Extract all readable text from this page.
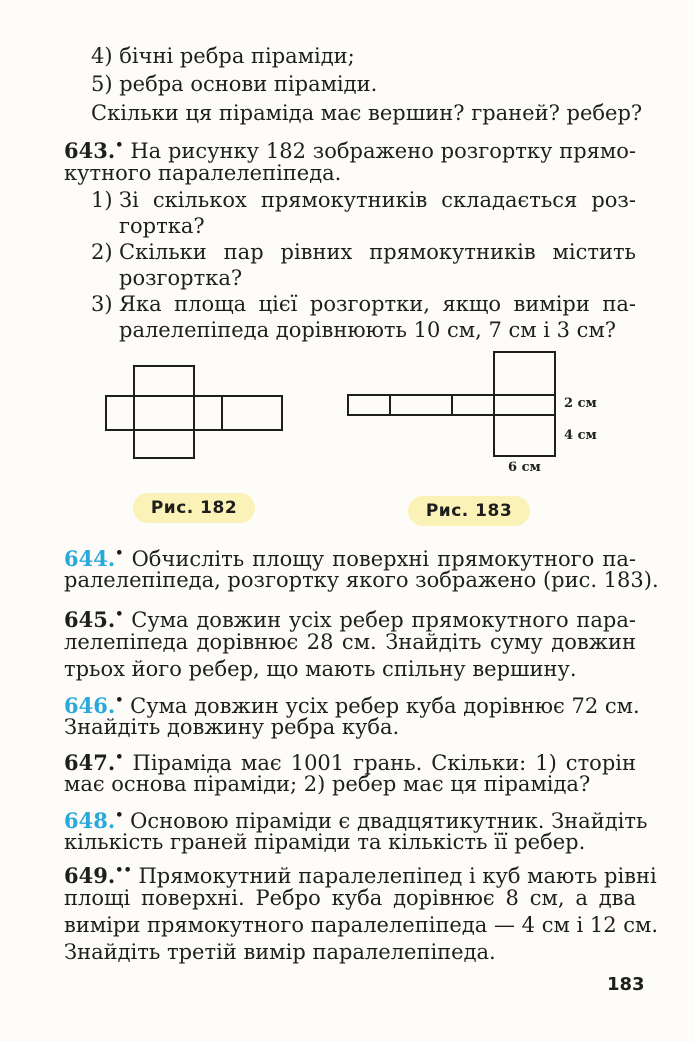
4) бічні ребра піраміди;
5) ребра основи піраміди.
Скільки ця піраміда має вершин? граней? ребер?
643.• На рисунку 182 зображено розгортку прямо-
кутного паралелепіпеда.
1) Зі скількох прямокутників складається роз-
гортка?
2) Скільки пар рівних прямокутників містить
розгортка?
3) Яка площа цієї розгортки, якщо виміри па-
ралелепіпеда дорівнюють 10 см, 7 см і 3 см?
2 см
4 см
6 см
Рис. 182	Рис. 183
644.• Обчисліть площу поверхні прямокутного па-
ралелепіпеда, розгортку якого зображено (рис. 183).
645.• Сума довжин усіх ребер прямокутного пара-
лелепіпеда дорівнює 28 см. Знайдіть суму довжин
трьох його ребер, що мають спільну вершину.
646.• Сума довжин усіх ребер куба дорівнює 72 см.
Знайдіть довжину ребра куба.
647.• Піраміда має 1001 грань. Скільки: 1) сторін
має основа піраміди; 2) ребер має ця піраміда?
648.• Основою піраміди є двадцятикутник. Знайдіть
кількість граней піраміди та кількість її ребер.
649.•• Прямокутний паралелепіпед і куб мають рівні
площі поверхні. Ребро куба дорівнює 8 см, а два
виміри прямокутного паралелепіпеда — 4 см і 12 см.
Знайдіть третій вимір паралелепіпеда.
183
